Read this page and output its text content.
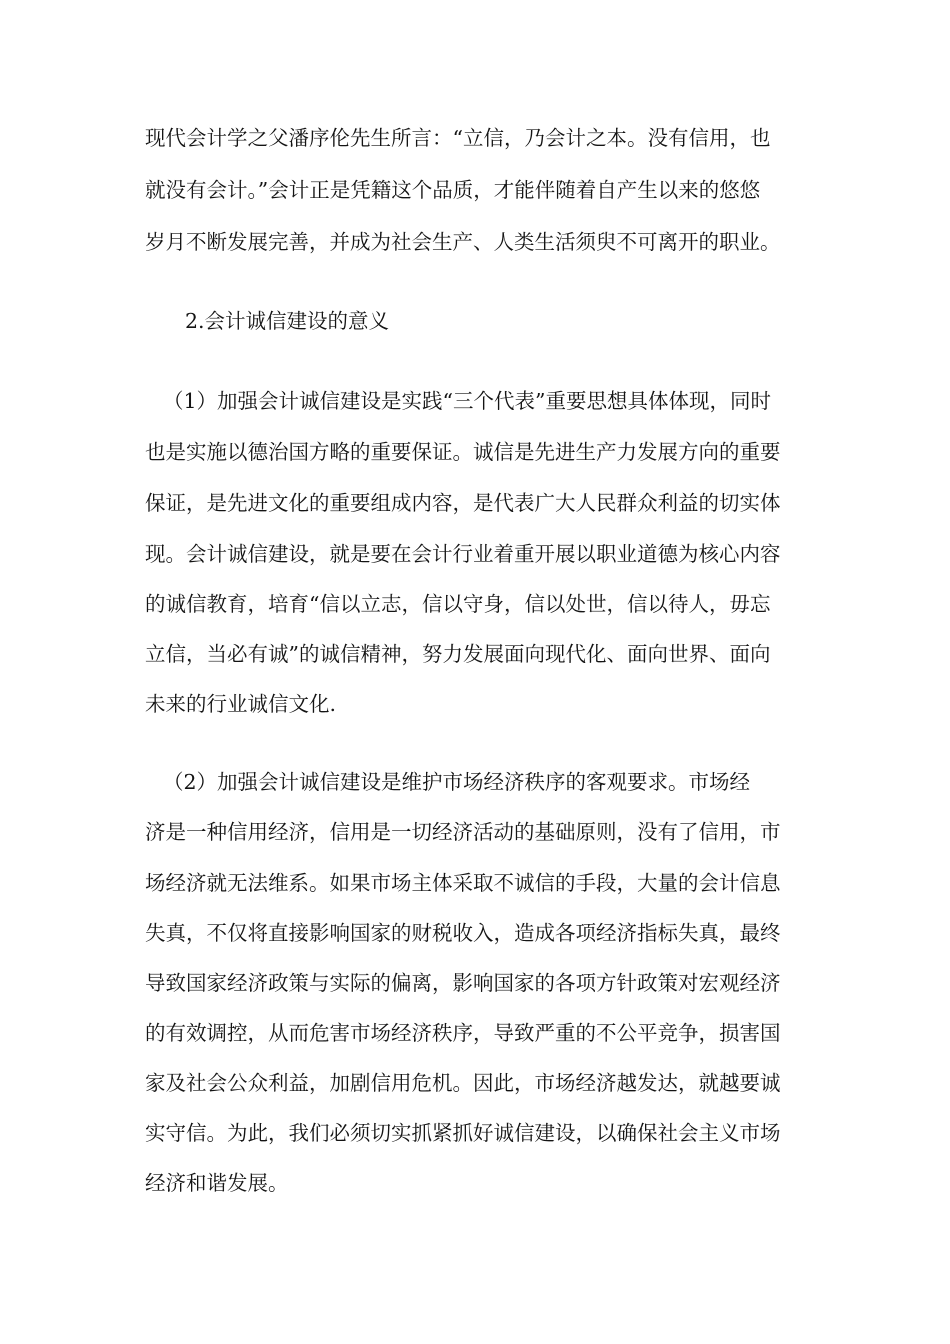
现代会计学之父潘序伦先生所言：“立信，乃会计之本。没有信用，也
就没有会计。”会计正是凭籍这个品质，才能伴随着自产生以来的悠悠
岁月不断发展完善，并成为社会生产、人类生活须臾不可离开的职业。
2.会计诚信建设的意义
（1）加强会计诚信建设是实践“三个代表”重要思想具体体现，同时
也是实施以德治国方略的重要保证。诚信是先进生产力发展方向的重要
保证，是先进文化的重要组成内容，是代表广大人民群众利益的切实体
现。会计诚信建设，就是要在会计行业着重开展以职业道德为核心内容
的诚信教育，培育“信以立志，信以守身，信以处世，信以待人，毋忘
立信，当必有诚”的诚信精神，努力发展面向现代化、面向世界、面向
未来的行业诚信文化.
（2）加强会计诚信建设是维护市场经济秩序的客观要求。市场经
济是一种信用经济，信用是一切经济活动的基础原则，没有了信用，市
场经济就无法维系。如果市场主体采取不诚信的手段，大量的会计信息
失真，不仅将直接影响国家的财税收入，造成各项经济指标失真，最终
导致国家经济政策与实际的偏离，影响国家的各项方针政策对宏观经济
的有效调控，从而危害市场经济秩序，导致严重的不公平竞争，损害国
家及社会公众利益，加剧信用危机。因此，市场经济越发达，就越要诚
实守信。为此，我们必须切实抓紧抓好诚信建设，以确保社会主义市场
经济和谐发展。
